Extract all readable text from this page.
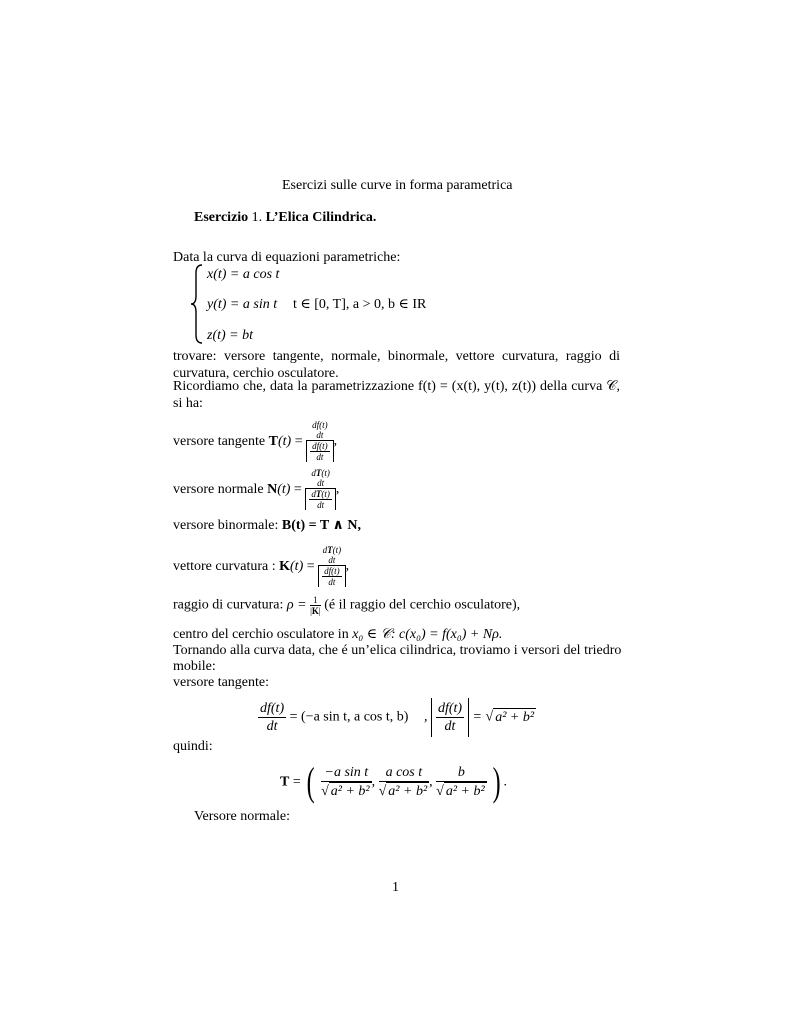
Esercizi sulle curve in forma parametrica
Esercizio 1. L’Elica Cilindrica.
Data la curva di equazioni parametriche:
x(t) = a cos t
y(t) = a sin t t ∈ [0, T], a > 0, b ∈ IR
z(t) = bt
trovare: versore tangente, normale, binormale, vettore curvatura, raggio di curvatura, cerchio osculatore.
Ricordiamo che, data la parametrizzazione f(t) = (x(t), y(t), z(t)) della curva 𝒞, si ha:
versore tangente T(t) =
df(t)
dt
$\frac{df(t)}{dt}$ ,
versore normale N(t) =
dT(t)
dt
$\frac{dT(t)}{dt}$ ,
versore binormale: B(t) = T ∧ N,
vettore curvatura : K(t) =
dT(t)
dt
$\frac{df(t)}{dt}$ ,
raggio di curvatura: $\rho = \frac{1}{|K|}$ (é il raggio del cerchio osculatore),
centro del cerchio osculatore in x₀ ∈ 𝒞: c(x₀) = f(x₀) + Nρ.
Tornando alla curva data, che é un’elica cilindrica, troviamo i versori del triedro
mobile:
versore tangente:
$\frac{df(t)}{dt} = (-a$ sin t, a cos t, b) , $\frac{df(t)}{dt}$ = √ a² + b²
quindi:
T = ( $\frac{\text{−a sin t}}{\text{√ a² + b²}}$ , $\frac{\text{a cos t}}{\text{√ a² + b²}}$ , $\frac{b}{\text{√ a² + b²}}$ ) .
Versore normale:
1
